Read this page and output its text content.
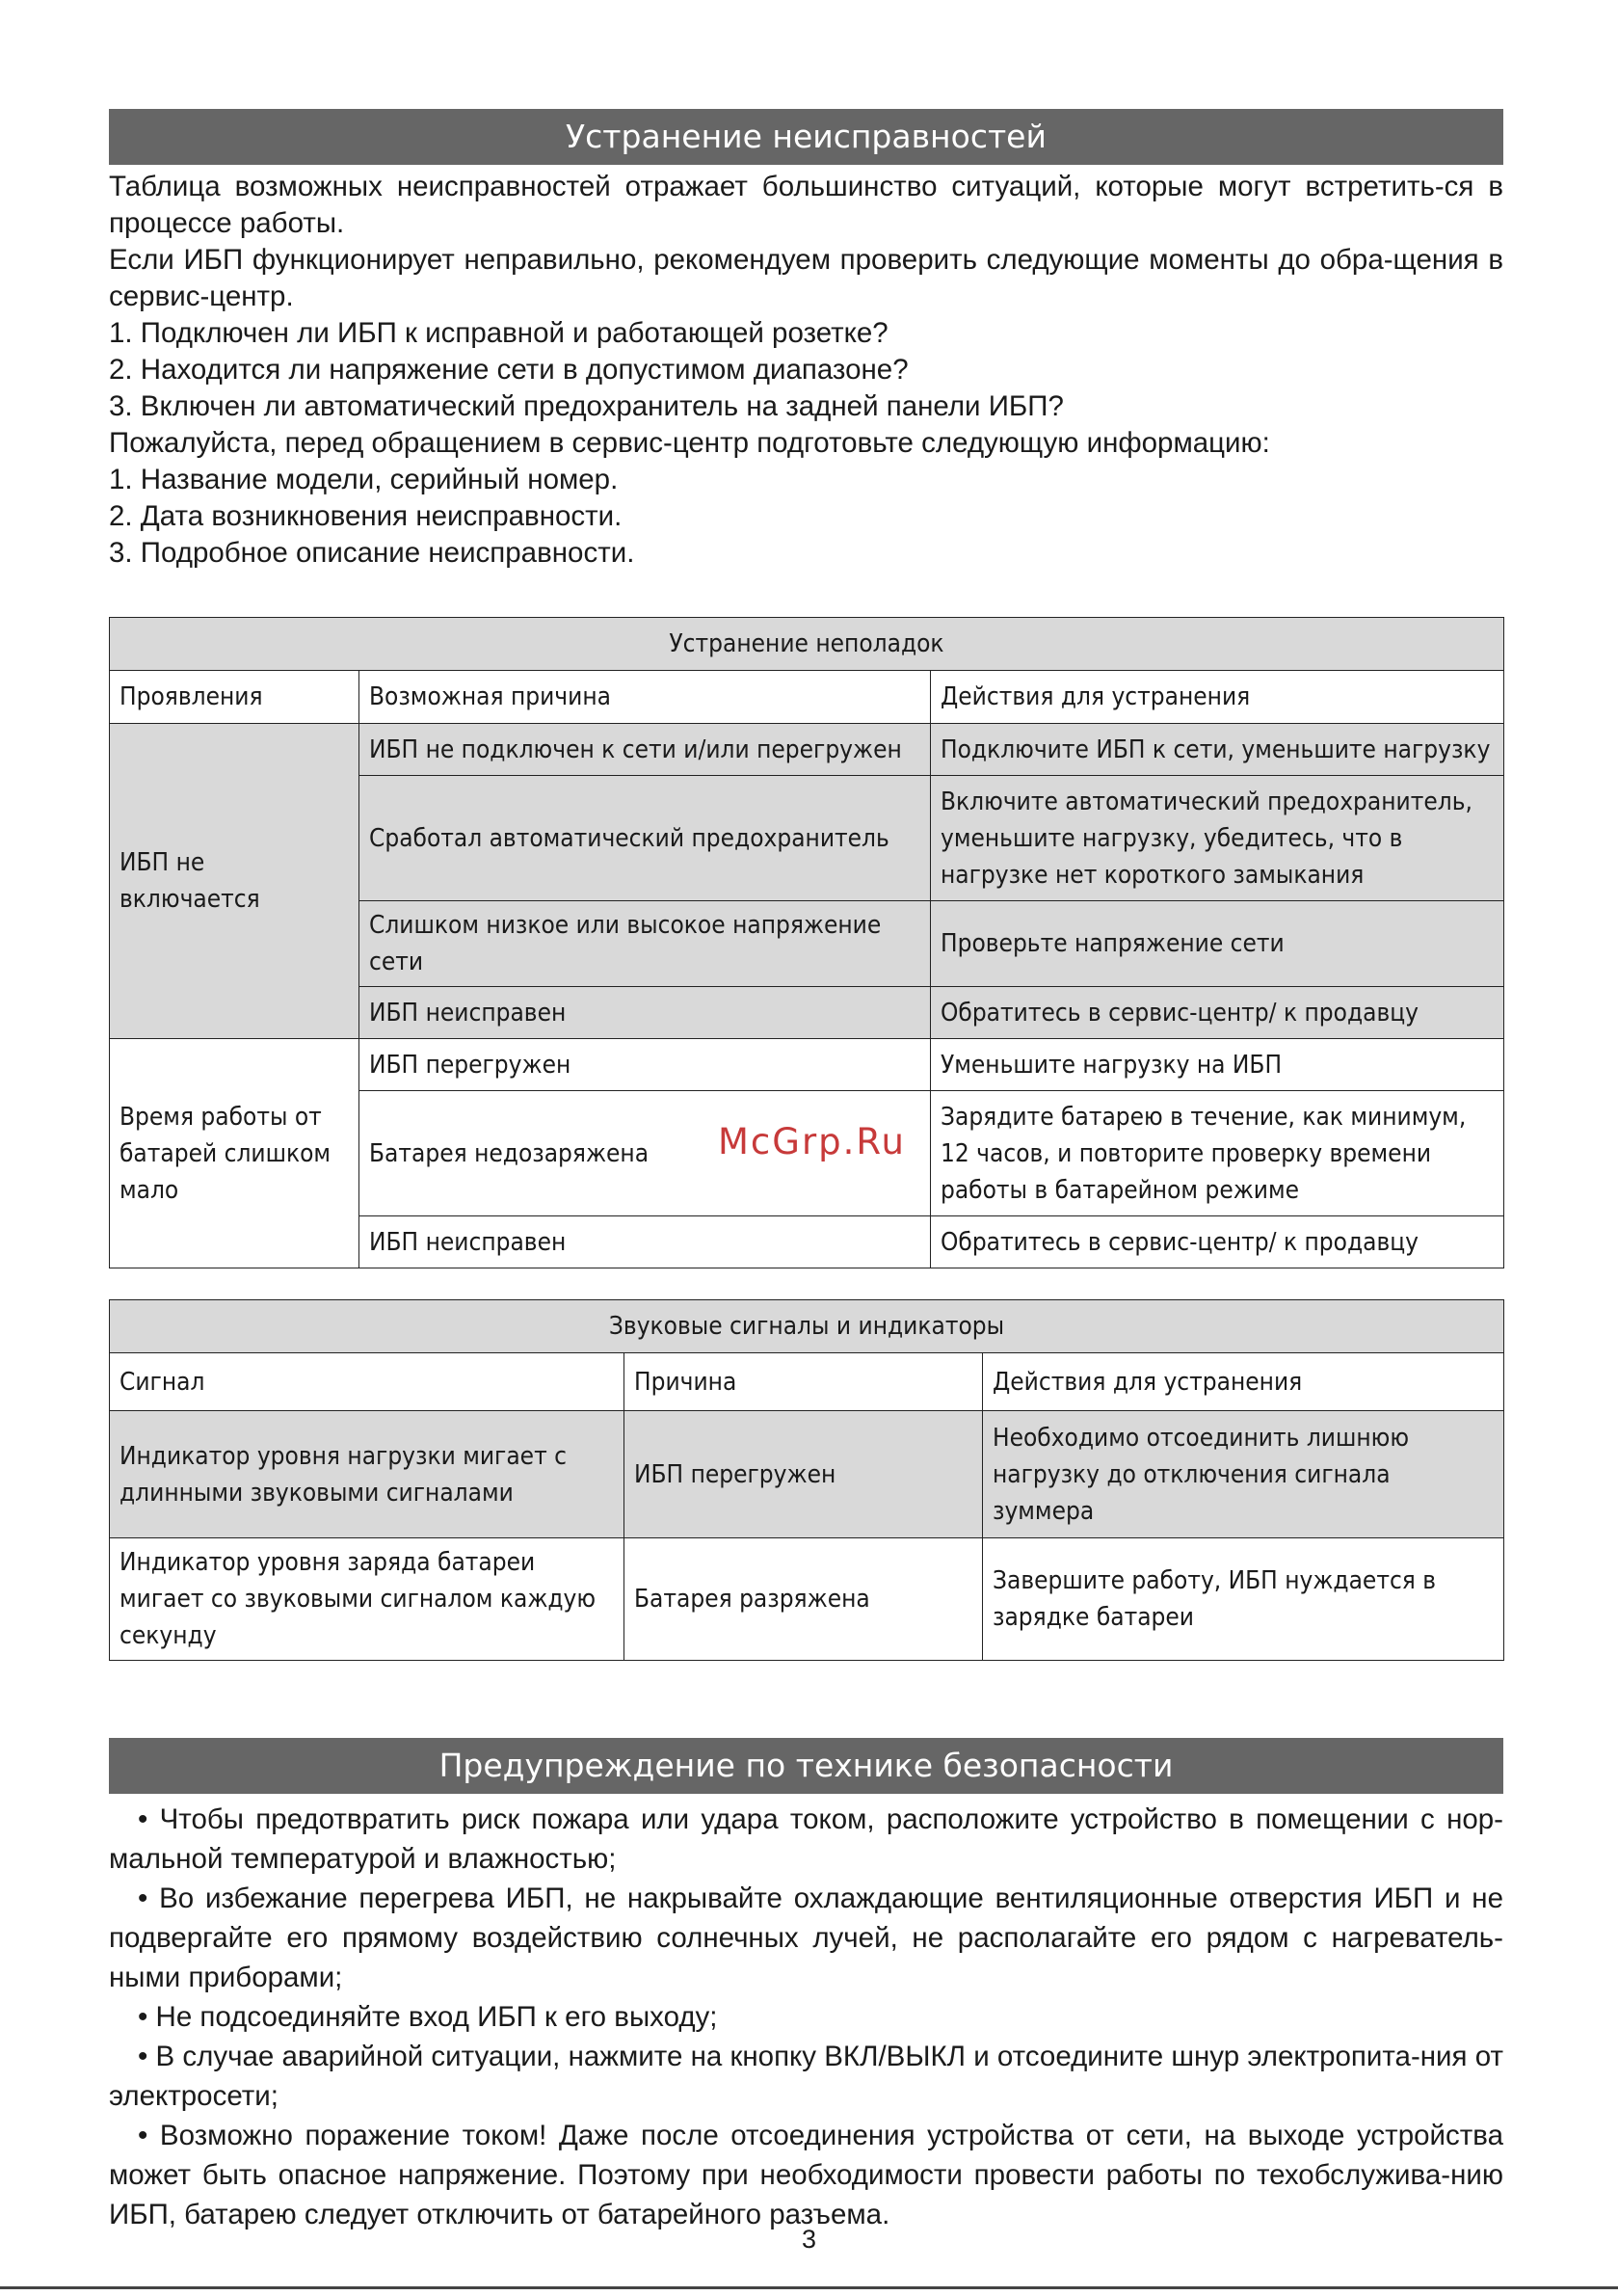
Устранение неисправностей

Таблица возможных неисправностей отражает большинство ситуаций, которые могут встретить-ся в процессе работы.

Если ИБП функционирует неправильно, рекомендуем проверить следующие моменты до обра-щения в сервис-центр.

1. Подключен ли ИБП к исправной и работающей розетке?

2. Находится ли напряжение сети в допустимом диапазоне?

3. Включен ли автоматический предохранитель на задней панели ИБП?

Пожалуйста, перед обращением в сервис-центр подготовьте следующую информацию:

1. Название модели, серийный номер.

2. Дата возникновения неисправности.

3. Подробное описание неисправности.

Устранение неполадок		
Проявления	Возможная причина	Действия для устранения
ИБП не включается	ИБП не подключен к сети и/или перегружен	Подключите ИБП к сети, уменьшите нагрузку
	Сработал автоматический предохранитель	Включите автоматический предохранитель, уменьшите нагрузку, убедитесь, что в нагрузке нет короткого замыкания
	Слишком низкое или высокое напряжение сети	Проверьте напряжение сети
	ИБП неисправен	Обратитесь в сервис-центр/ к продавцу
Время работы от батарей слишком мало	ИБП перегружен	Уменьшите нагрузку на ИБП
	Батарея недозаряжена	Зарядите батарею в течение, как минимум, 12 часов, и повторите проверку времени работы в батарейном режиме
	ИБП неисправен	Обратитесь в сервис-центр/ к продавцу
Звуковые сигналы и индикаторы		
Сигнал	Причина	Действия для устранения
Индикатор уровня нагрузки мигает с длинными звуковыми сигналами	ИБП перегружен	Необходимо отсоединить лишнюю нагрузку до отключения сигнала зуммера
Индикатор уровня заряда батареи мигает со звуковыми сигналом каждую секунду	Батарея разряжена	Завершите работу, ИБП нуждается в зарядке батареи
Предупреждение по технике безопасности

• Чтобы предотвратить риск пожара или удара током, расположите устройство в помещении с нор-мальной температурой и влажностью;

• Во избежание перегрева ИБП, не накрывайте охлаждающие вентиляционные отверстия ИБП и не подвергайте его прямому воздействию солнечных лучей, не располагайте его рядом с нагреватель-ными приборами;

• Не подсоединяйте вход ИБП к его выходу;

• В случае аварийной ситуации, нажмите на кнопку ВКЛ/ВЫКЛ и отсоедините шнур электропита-ния от электросети;

• Возможно поражение током! Даже после отсоединения устройства от сети, на выходе устройства может быть опасное напряжение. Поэтому при необходимости провести работы по техобслужива-нию ИБП, батарею следует отключить от батарейного разъема.

McGrp.Ru
3
